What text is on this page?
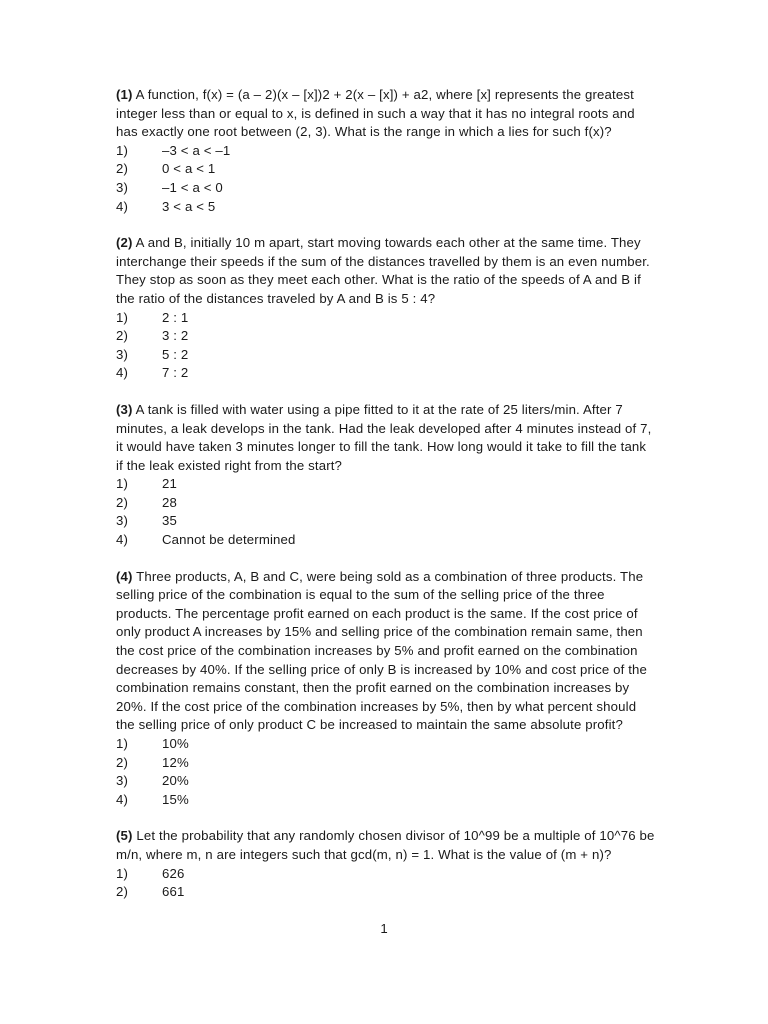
(1) A function, f(x) = (a – 2)(x – [x])2 + 2(x – [x]) + a2, where [x] represents the greatest integer less than or equal to x, is defined in such a way that it has no integral roots and has exactly one root between (2, 3). What is the range in which a lies for such f(x)?

1)	–3 < a < –1
2)	0 < a < 1
3)	–1 < a < 0
4)	3 < a < 5

(2) A and B, initially 10 m apart, start moving towards each other at the same time. They interchange their speeds if the sum of the distances travelled by them is an even number. They stop as soon as they meet each other. What is the ratio of the speeds of A and B if the ratio of the distances traveled by A and B is 5 : 4?

1)	2 : 1
2)	3 : 2
3)	5 : 2
4)	7 : 2

(3) A tank is filled with water using a pipe fitted to it at the rate of 25 liters/min. After 7 minutes, a leak develops in the tank. Had the leak developed after 4 minutes instead of 7, it would have taken 3 minutes longer to fill the tank. How long would it take to fill the tank if the leak existed right from the start?

1)	21
2)	28
3)	35
4)	Cannot be determined

(4) Three products, A, B and C, were being sold as a combination of three products. The selling price of the combination is equal to the sum of the selling price of the three products. The percentage profit earned on each product is the same. If the cost price of only product A increases by 15% and selling price of the combination remain same, then the cost price of the combination increases by 5% and profit earned on the combination decreases by 40%. If the selling price of only B is increased by 10% and cost price of the combination remains constant, then the profit earned on the combination increases by 20%. If the cost price of the combination increases by 5%, then by what percent should the selling price of only product C be increased to maintain the same absolute profit?

1)	10%
2)	12%
3)	20%
4)	15%

(5) Let the probability that any randomly chosen divisor of 10^99 be a multiple of 10^76 be m/n, where m, n are integers such that gcd(m, n) = 1. What is the value of (m + n)?

1)	626
2)	661
1
